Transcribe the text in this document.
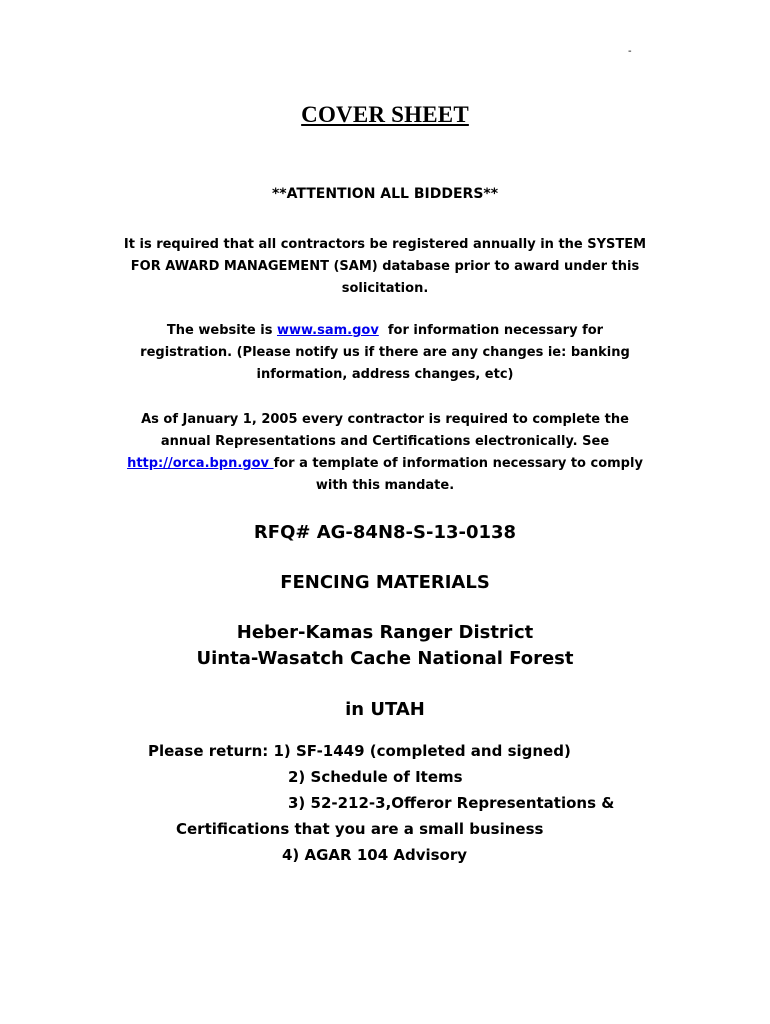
-
COVER SHEET
**ATTENTION ALL BIDDERS**
It is required that all contractors be registered annually in the SYSTEM
FOR AWARD MANAGEMENT (SAM) database prior to award under this
solicitation.
The website is www.sam.gov  for information necessary for
registration. (Please notify us if there are any changes ie: banking
information, address changes, etc)
As of January 1, 2005 every contractor is required to complete the
annual Representations and Certifications electronically. See
http://orca.bpn.gov for a template of information necessary to comply
with this mandate.
RFQ# AG-84N8-S-13-0138
FENCING MATERIALS
Heber-Kamas Ranger District
Uinta-Wasatch Cache National Forest
in UTAH
Please return: 1) SF-1449 (completed and signed)
2) Schedule of Items
3) 52-212-3,Offeror Representations &
Certifications that you are a small business
4) AGAR 104 Advisory
